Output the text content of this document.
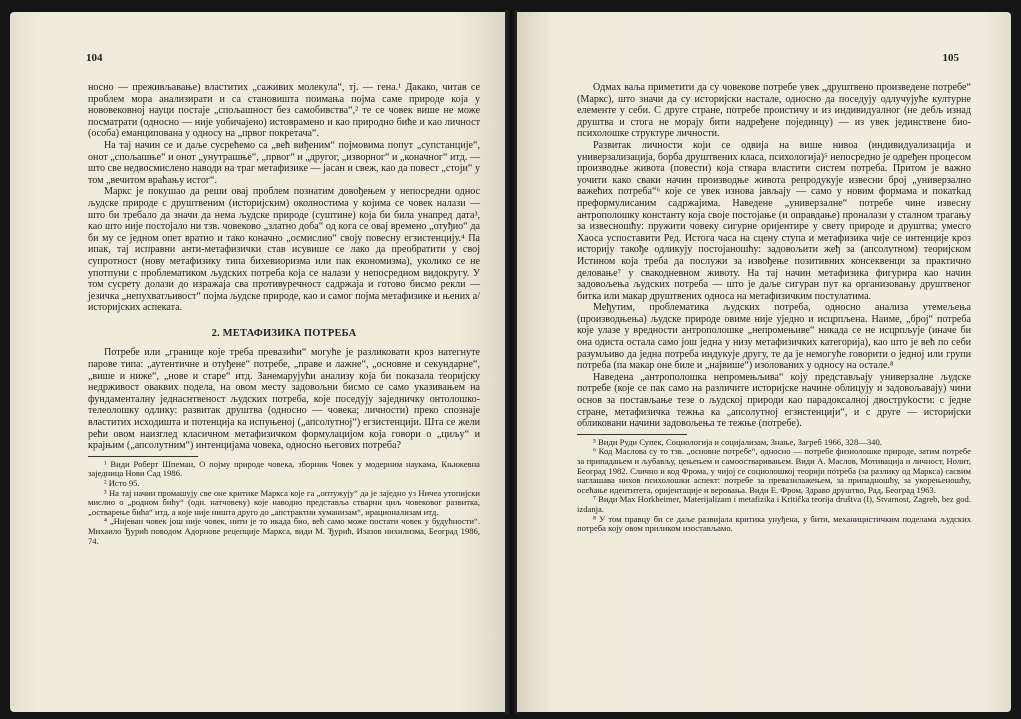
104

носно — преживљавање) властитих „саживих молекула“, тј. — гена.¹ Дакако, читав се проблем мора анализирати и са становишта поимања појма саме природе која у нововековној науци постаје „спољашност без самобивства“,² те се човек више не може посматрати (односно — није уобичајено) истоврамено и као природно биће и као личност (особа) еманципована у односу на „првог покретача“.

На тај начин се и даље сусрећемо са „већ виђеним“ појмовима попут „супстанције“, онот „спољашње“ и онот „унутрашње“, „првог“ и „другог, „изворног“ и „коначног“ итд. — што све недвосмислено наводи на траг метафизике — јасан и свеж, као да повест „стоји“ у том „вечитом враћању истог“.

Маркс је покушао да реши овај проблем познатим довођењем у непосредни однос људске природе с друштвеним (историјским) околностима у којима се човек налази — што би требало да значи да нема људске природе (суштине) која би била унапред дата³, као што није постојало ни тзв. човеково „златно доба“ од кога се овај времено „отуђио“ да би му се једном опет вратио и тако коначно „осмислио“ своју повесну егзистенцију.⁴ Па ипак, тај исправни анти-метафизички став исувише се лако да преобратити у свој супротност (нову метафизику типа бихевиоризма или пак економизма), уколико се не употпуни с проблематиком људских потреба која се налази у непосредном видокругу. У том сусрету долази до изражаја сва противуречност садржаја и готово бисмо рекли — језичка „непухватљивост“ појма људске природе, као и самог појма метафизике и њених а/историјских аспеката.

2. МЕТАФИЗИКА ПОТРЕБА

Потребе или „границе које треба превазићи“ могуће је разликовати кроз натегнуте парове типа: „аутентичне и отуђене“ потребе, „праве и лажне“, „основне и секундарне“, „више и ниже“, „нове и старе“ итд. Занемарујући анализу која би показала теоријску недрживост оваквих подела, на овом месту задовољни бисмо се само указивањем на фундаменталну једнаснтвеност људских потреба, које поседују заједничку онтолошко-телеолошку одлику: развитак друштва (односно — човека; личности) преко спознаје властитих исходишта и потенција ка испуњеној („апсолутној“) егзистенцији. Шта се жели рећи овом наизглед класичном метафизичком формулацијом која говори о „циљу“ и крајњим („апсолутним“) интенцијама човека, односно његових потреба?

¹ Види Роберт Шпеман, О појму природе човека, зборник Човек у модерним наукама, Књижевна заједница Нови Сад 1986.

² Исто 95.

³ На тај начин промашују све оне критике Маркса које га „оптужују“ да је заједно уз Ничеа утопијски мислио о „родном бићу“ (одн. натчовеку) које наводно представља стварни циљ човековог развитка, „остварење бића“ итд. а које није ништа друго до „апстрактни хуманизам“, ирационализам итд.

⁴ „Нијеван човек још није човек, нити је то икада био, већ само може постати човек у будућности“. Михаило Ђурић поводом Адорнове рецепције Маркса, види М. Ђурић, Изазов нихилизма, Београд 1986, 74.

105

Одмах ваља приметити да су човекове потребе увек „друштвено произведене потребе“ (Маркс), што значи да су историјски настале, односно да поседују одлучујуће културне елементе у себи. С друге стране, потребе проистичу и из индивидуалног (не дебљ изнад друштва и стога не морају бити надређене појединцу) — из увек јединствене био-психолошке структуре личности.

Развитак личности који се одвија на више нивоа (индивидуализација и универзализација, борба друштвених класа, психологија)⁵ непосредно је одређен процесом производње живота (повести) која ствара властити систем потреба. Притом је важно уочити како сваки начин производње живота репродукује извесни број „универзално важећих потреба“⁶ које се увек изнова јављају — само у новим формама и покатkад преформулисаним садржајима. Наведене „универзалне“ потребе чине извесну антрополошку константу која своје постојање (и оправдање) проналази у сталном трагању за извесношћу: пружити човеку сигурне оријентире у свету природе и друштва; умесго Хаоса успоставити Ред. Истога часа на сцену ступа и метафизика чије се интенције кроз историју такође одликују постојаношћу: задовољити жеђ за (апсолутном) теоријском Истином која треба да послужи за извођење позитивних консеквенци за практично деловање⁷ у свакодневном животу. На тај начин метафизика фигурира као начин задовољења људских потреба — што је даље сигуран пут ка организовању друштвеног битка или макар друштвених односа на метафизичким постулатима.

Међутим, проблематика људских потреба, односно анализа утемељења (производњења) људске природе овиме није уједно и исцрпљена. Наиме, „број“ потреба које улазе у вредности антрополошке „непромењиве“ никада се не исцрпљује (иначе би она одиста остала само још једна у низу метафизичких категорија), као што је већ по себи разумљиво да једна потреба индукује другу, те да је немогуће говорити о једној или групи потреба (па макар оне биле и „највише“) изолованих у односу на остале.⁸

Наведена „антрополошка непромењљива“ коју представљају универзалне људске потребе (које се пак само на различите историјске начине облицују и задовољавају) чини основ за постављање тезе о људској природи као парадоксалној двоструkости: с једне стране, метафизичка тежња ка „апсолутној егзистенцији“, и с друге — историјски обликовани начини задовољења те тежње (потребе).

⁵ Види Руди Супек, Социологија и социјализам, Знање, Загреб 1966, 328—340.

⁶ Код Маслова су то тзв. „основне потребе“, односно — потребе физиолошке природе, затим потребе за припадањем и љубављу, цењењем и самоостваривањем. Види А. Маслов, Мотивација и личност, Нолит, Београд 1982. Слично и код Фрома, у чијој се социолошкој теорији потреба (за разлику од Маркса) сасвим наглашава нихов психолошки аспект: потребе за превазилажењем, за припадношћу, за укорењеношћу, осећање идентитета, оријентације и веровања. Види Е. Фром, Здраво друштво, Рад, Београд 1963.

⁷ Види Max Horkheimer, Materijalizam i metafizika i Kritička teorija društva (I), Stvarnost, Zagreb, bez god. izdanja.

⁸ У том правцу би се даље развијала критика унуђена, у бити, механицистичким поделама људских потреба коју овом приликом изостављамо.
